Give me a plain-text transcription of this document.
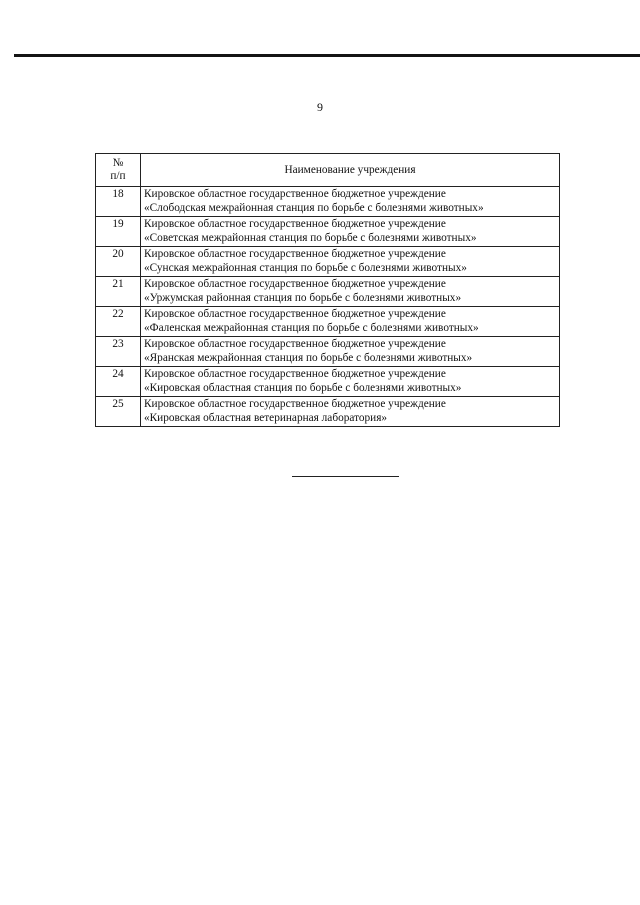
9
№
п/п	Наименование учреждения
18	Кировское областное государственное бюджетное учреждение
«Слободская межрайонная станция по борьбе с болезнями животных»

19	Кировское областное государственное бюджетное учреждение
«Советская межрайонная станция по борьбе с болезнями животных»

20	Кировское областное государственное бюджетное учреждение
«Сунская межрайонная станция по борьбе с болезнями животных»

21	Кировское областное государственное бюджетное учреждение
«Уржумская районная станция по борьбе с болезнями животных»

22	Кировское областное государственное бюджетное учреждение
«Фаленская межрайонная станция по борьбе с болезнями животных»

23	Кировское областное государственное бюджетное учреждение
«Яранская межрайонная станция по борьбе с болезнями животных»

24	Кировское областное государственное бюджетное учреждение
«Кировская областная станция по борьбе с болезнями животных»

25	Кировское областное государственное бюджетное учреждение
«Кировская областная ветеринарная лаборатория»
